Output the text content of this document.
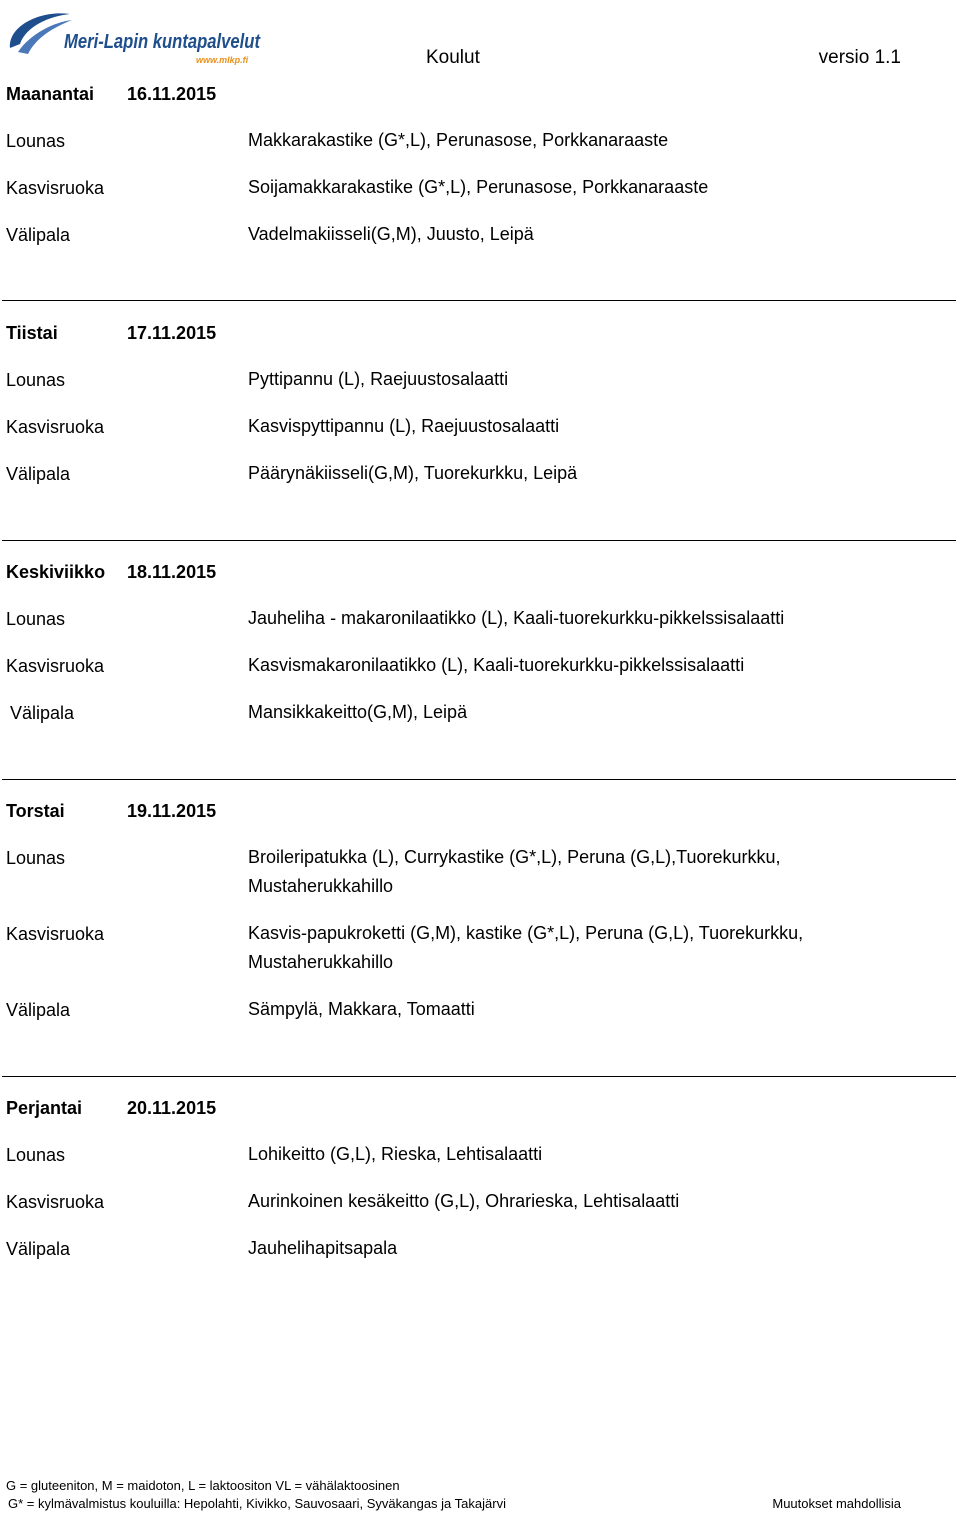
Meri-Lapin kuntapalvelut
www.mlkp.fi	Koulut	versio 1.1
Maanantai 16.11.2015
Lounas	Makkarakastike (G*,L), Perunasose, Porkkanaraaste
Kasvisruoka	Soijamakkarakastike (G*,L), Perunasose, Porkkanaraaste
Välipala	Vadelmakiisseli(G,M), Juusto, Leipä
Tiistai	17.11.2015
Lounas	Pyttipannu (L), Raejuustosalaatti
Kasvisruoka	Kasvispyttipannu (L), Raejuustosalaatti
Välipala	Päärynäkiisseli(G,M), Tuorekurkku, Leipä
Keskiviikko 18.11.2015
Lounas	Jauheliha - makaronilaatikko (L), Kaali-tuorekurkku-pikkelssisalaatti
Kasvisruoka	Kasvismakaronilaatikko (L), Kaali-tuorekurkku-pikkelssisalaatti
Välipala	Mansikkakeitto(G,M), Leipä
Torstai	19.11.2015
Lounas	Broileripatukka (L), Currykastike (G*,L), Peruna (G,L),Tuorekurkku, Mustaherukkahillo
Kasvisruoka	Kasvis-papukroketti (G,M), kastike (G*,L), Peruna (G,L), Tuorekurkku, Mustaherukkahillo
Välipala	Sämpylä, Makkara, Tomaatti
Perjantai 20.11.2015
Lounas	Lohikeitto (G,L), Rieska, Lehtisalaatti
Kasvisruoka	Aurinkoinen kesäkeitto (G,L), Ohrarieska, Lehtisalaatti
Välipala	Jauhelihapitsapala
G = gluteeniton, M = maidoton, L = laktoositon VL = vähälaktoosinen
G* = kylmävalmistus kouluilla: Hepolahti, Kivikko, Sauvosaari, Syväkangas ja Takajärvi	Muutokset mahdollisia
